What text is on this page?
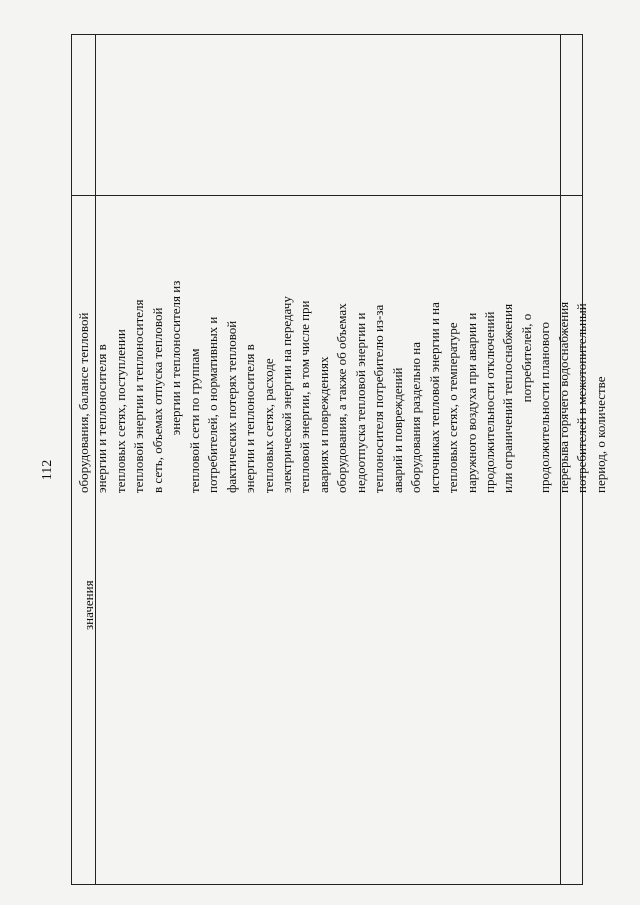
112
значения
оборудования, балансе тепловой энергии и теплоносителя в тепловых сетях, поступлении тепловой энергии и теплоносителя в сеть, объемах отпуска тепловой энергии и теплоносителя из тепловой сети по группам потребителей, о нормативных и фактических потерях тепловой энергии и теплоносителя в тепловых сетях, расходе электрической энергии на передачу тепловой энергии, в том числе при авариях и повреждениях оборудования, а также об объемах недоотпуска тепловой энергии и теплоносителя потребителю из-за аварий и повреждений оборудования раздельно на источниках тепловой энергии и на тепловых сетях, о температуре наружного воздуха при аварии и продолжительности отключений или ограничений теплоснабжения потребителей, о продолжительности планового перерыва горячего водоснабжения потребителей в межотопительный период, о количестве
